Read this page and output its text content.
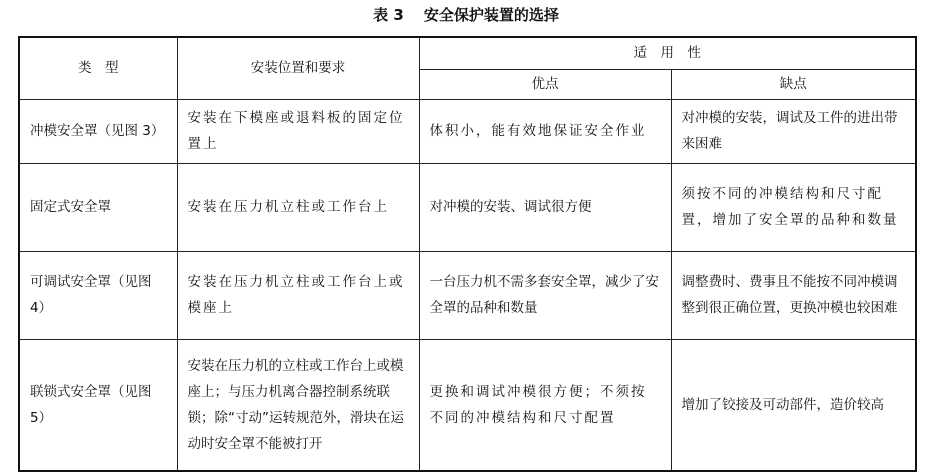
表 3 安全保护装置的选择
类　型	安装位置和要求	适　用　性	
		优点	缺点
冲模安全罩（见图 3）	安装在下模座或退料板的固定位置上	体积小，能有效地保证安全作业	对冲模的安装，调试及工件的进出带来困难
固定式安全罩	安装在压力机立柱或工作台上	对冲模的安装、调试很方便	须按不同的冲模结构和尺寸配置，增加了安全罩的品种和数量
可调试安全罩（见图 4）	安装在压力机立柱或工作台上或模座上	一台压力机不需多套安全罩，减少了安全罩的品种和数量	调整费时、费事且不能按不同冲模调整到很正确位置，更换冲模也较困难
联锁式安全罩（见图 5）	安装在压力机的立柱或工作台上或模座上；与压力机离合器控制系统联锁；除“寸动”运转规范外，滑块在运动时安全罩不能被打开	更换和调试冲模很方便；不须按不同的冲模结构和尺寸配置	增加了铰接及可动部件，造价较高
